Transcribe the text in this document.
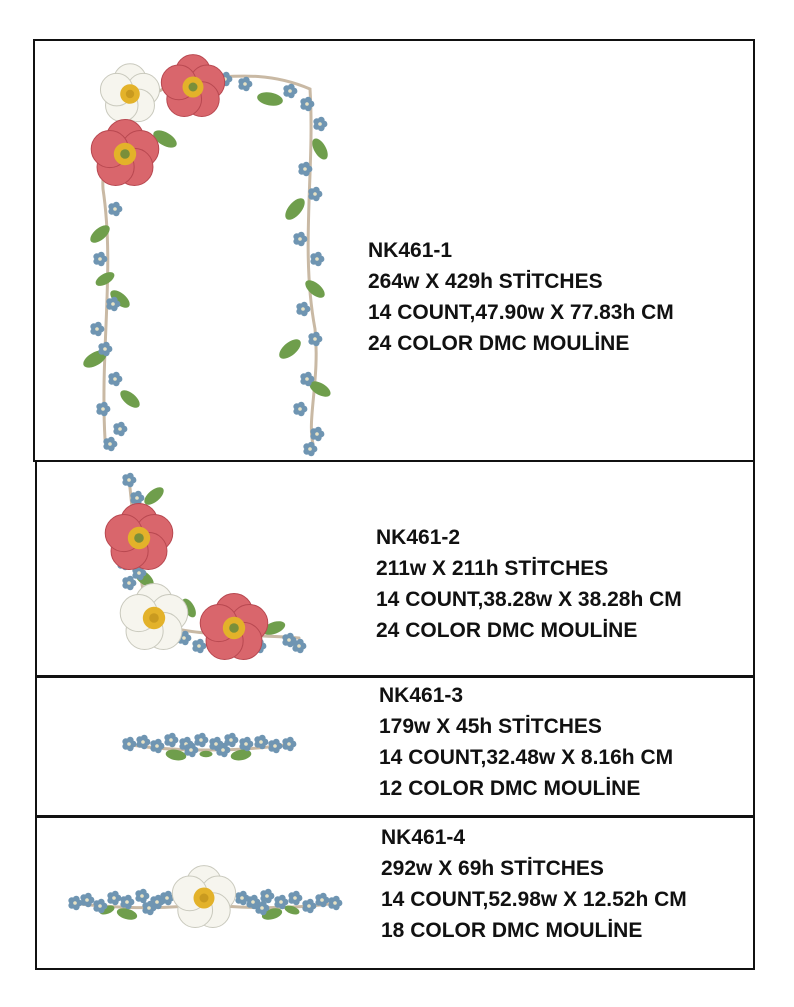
NK461-1
264w X 429h STİTCHES
14 COUNT,47.90w X 77.83h CM
24 COLOR DMC MOULİNE
NK461-2
211w X 211h STİTCHES
14 COUNT,38.28w X 38.28h CM
24 COLOR DMC MOULİNE
NK461-3
179w X 45h STİTCHES
14 COUNT,32.48w X 8.16h CM
12 COLOR DMC MOULİNE
NK461-4
292w X 69h STİTCHES
14 COUNT,52.98w X 12.52h CM
18 COLOR DMC MOULİNE
